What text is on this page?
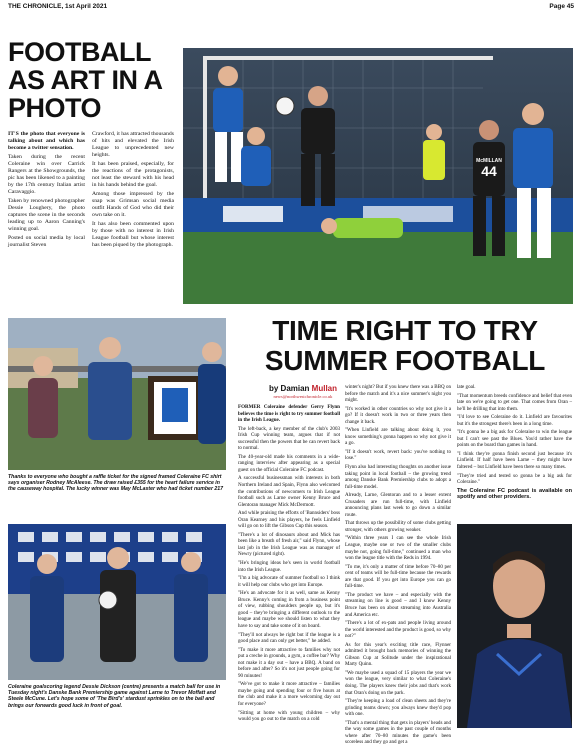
THE CHRONICLE, 1st April 2021	Page 45
FOOTBALL AS ART IN A PHOTO

IT'S the photo that everyone is talking about and which has become a twitter sensation.

Taken during the recent Coleraine win over Carrick Rangers at the Showgrounds, the pic has been likened to a painting by the 17th century Italian artist Caravaggio.

Taken by renowned photographer Dessie Loughery, the photo captures the scene in the seconds leading up to Aaron Canning's winning goal.

Posted on social media by local journalist Steven

Crawford, it has attracted thousands of hits and elevated the Irish League to unprecedented new heights.

It has been praised, especially, for the reactions of the protagonists, not least the steward with his head in his hands behind the goal.

Among those impressed by the snap was Grimsan social media outfit Hands of God who did their own take on it.

It has also been commented upon by those with no interest in Irish League football but whose interest has been piqued by the photograph.

McMILLAN
44
Thanks to everyone who bought a raffle ticket for the signed framed Coleraine FC shirt says organiser Rodney McAleese. The draw raised £355 for the heart failure service in the causeway hospital. The lucky winner was May McLaster who had ticket number 217
Coleraine goalscoring legend Dessie Dickson (centre) presents a match ball for use in Tuesday night's Danske Bank Premiership game against Larne to Trevor Moffatt and Steele McCune. Let's hope some of 'The Bird's' stardust sprinkles on to the ball and brings our forwards good luck in front of goal.
TIME RIGHT TO TRY SUMMER FOOTBALL
by Damian Mullan
news@northwestchronicle.co.uk

FORMER Coleraine defender Gerry Flynn believes the time is right to try summer football in the Irish League.

The left-back, a key member of the club's 2003 Irish Cup winning team, argues that if not successful then the powers that be can revert back to normal.

The 40-year-old made his comments in a wide-ranging interview after appearing as a special guest on the official Coleraine FC podcast.

A successful businessman with interests in both Northern Ireland and Spain, Flynn also welcomed the contributions of newcomers to Irish League football such as Larne owner Kenny Bruce and Glentoran manager Mick McDermott.

And while praising the efforts of 'Bannsiders' boss Oran Kearney and his players, he feels Linfield will go on to lift the Gibson Cup this season.

"There's a lot of dinosaurs about and Mick has been like a breath of fresh air," said Flynn, whose last job in the Irish League was as manager of Newry (pictured right).

"He's bringing ideas he's seen in world football into the Irish League.

"I'm a big advocate of summer football so I think it will help our clubs who get into Europe.

"He's an advocate for it as well, same as Kenny Bruce. Kenny's coming in from a business point of view, rubbing shoulders people up, but it's good – they're bringing a different outlook to the league and maybe we should listen to what they have to say and take some of it on board.

"They'll not always be right but if the league is a good place and can only get better," he added.

"To make it more attractive to families why not put a creche in grounds, a gym, a coffee bar? Why not make it a day out – have a BBQ. A band on before and after? So it's not just people going for 90 minutes!

"We've got to make it more attractive – families maybe going and spending four or five hours at the club and make it a more welcoming day out for everyone?

"Sitting at home with young children – why would you go out to the match on a cold

winter's night? But if you knew there was a BBQ on before the match and it's a nice summer's night you might.

"It's worked in other countries so why not give it a go? If it doesn't work in two or three years then change it back.

"When Linfield are talking about doing it, you know something's gonna happen so why not give it a go.

"If it doesn't work, revert back: you've nothing to lose."

Flynn also had interesting thoughts on another issue taking point in local football – the growing trend among Danske Bank Premiership clubs to adopt a full-time model.

Already, Larne, Glentoran and to a lesser extent Crusaders are run full-time, with Linfield announcing plans last week to go down a similar route.

That throws up the possibility of some clubs getting stronger, with others growing weaker.

"Within three years I can see the whole Irish League, maybe one or two of the smaller clubs maybe not, going full-time," continued a man who won the league title with the Reds in 1994.

"To me, it's only a matter of time before 70–80 per cent of teams will be full-time because the rewards are that good. If you get into Europe you can go full-time.

"The product we have – and especially with the streaming on line is good – and I know Kenny Bruce has been on about streaming into Australia and America etc.

"There's a lot of ex-pats and people living around the world interested and the product is good, so why not?"

As for this year's exciting title race, Flynner admitted it brought back memories of winning the Gibson Cup at Solitude under the inspirational Marty Quinn.

"We maybe used a squad of 15 players the year we won the league, very similar to what Coleraine's doing. The players knew their jobs and that's work that Oran's doing on the park.

"They're keeping a load of clean sheets and they're grinding teams down; you always knew they'd pop with one.

"That's a mental thing that gets in players' heads and the way some games in the past couple of months where after 70–80 minutes the game's been scoreless and they go and get a

late goal.

"That momentum breeds confidence and belief that even late on we're going to get one. That comes from Oran – he'll be drilling that into them.

"I'd love to see Coleraine do it. Linfield are favourites but it's the strongest there's been in a long time.

"It's gonna be a big ask for Coleraine to win the league but I can't see past the Blues. You'd rather have the points on the board than games in hand.

"I think they're gonna finish second just because it's Linfield. If half have been Larne – they might have faltered – but Linfield have been there so many times.

"They're tried and tested so gonna be a big ask for Coleraine."

The Coleraine FC podcast is available on spotify and other providers.
